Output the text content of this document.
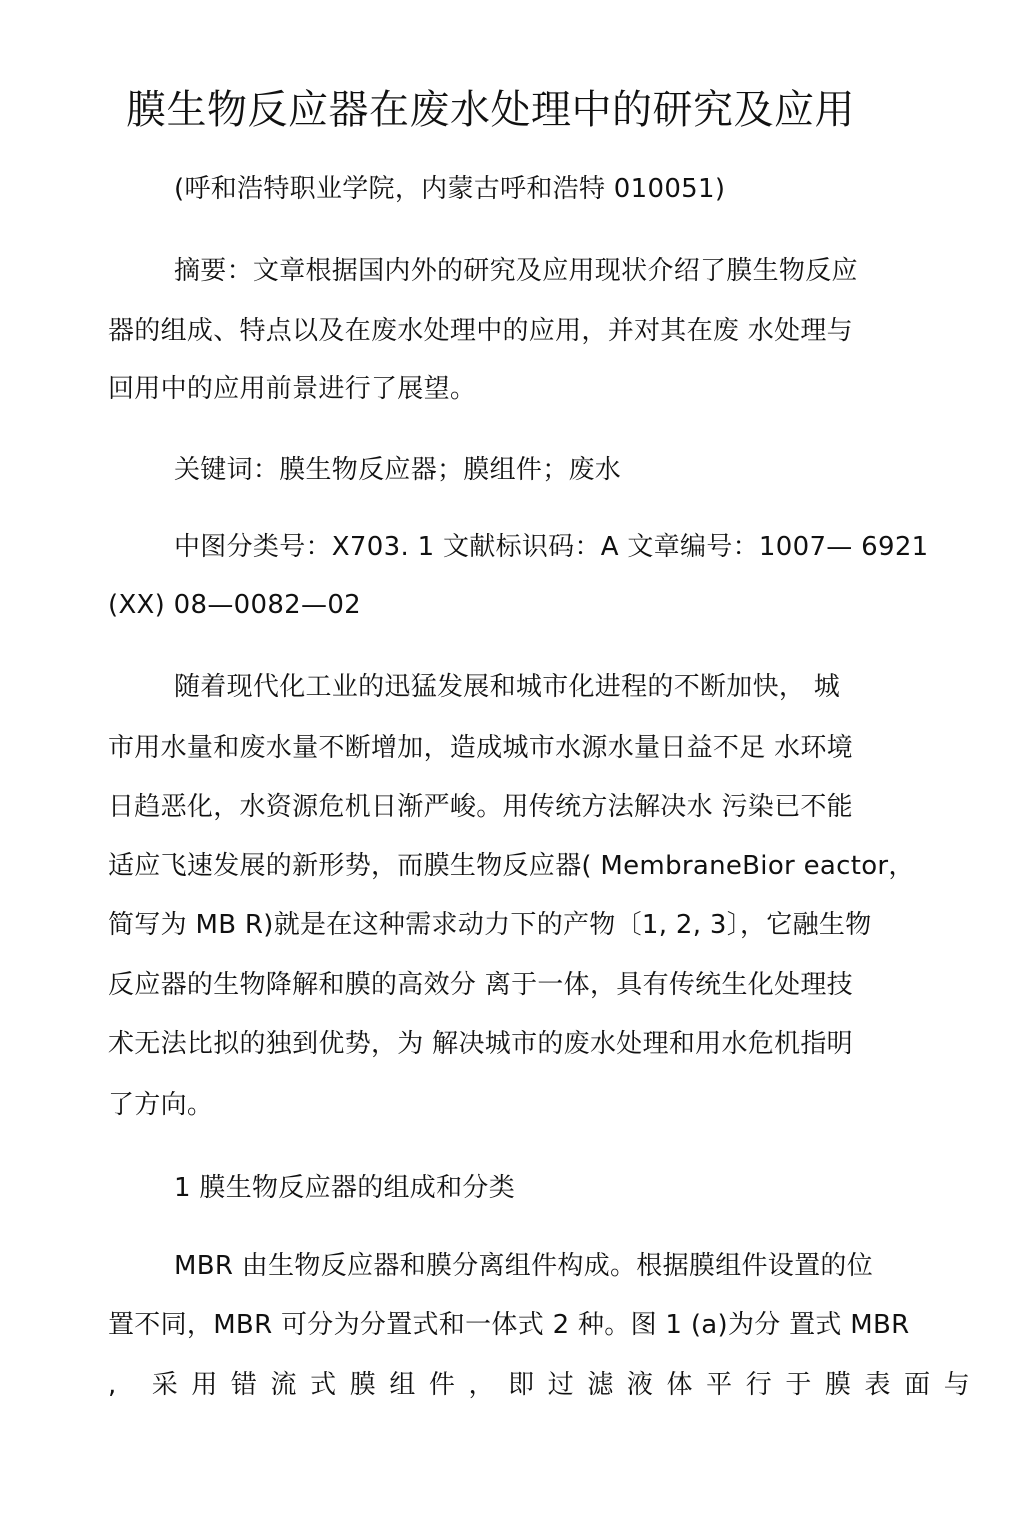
膜生物反应器在废水处理中的研究及应用
(呼和浩特职业学院，内蒙古呼和浩特 010051)
摘要：文章根据国内外的研究及应用现状介绍了膜生物反应
器的组成、特点以及在废水处理中的应用，并对其在废 水处理与
回用中的应用前景进行了展望。
关键词：膜生物反应器；膜组件；废水
中图分类号：X703. 1 文献标识码：A 文章编号：1007— 6921
(XX) 08—0082—02
随着现代化工业的迅猛发展和城市化进程的不断加快， 城
市用水量和废水量不断增加，造成城市水源水量日益不足 水环境
日趋恶化，水资源危机日渐严峻。用传统方法解决水 污染已不能
适应飞速发展的新形势，而膜生物反应器( MembraneBior eactor，
简写为 MB R)就是在这种需求动力下的产物〔1, 2, 3〕，它融生物
反应器的生物降解和膜的高效分 离于一体，具有传统生化处理技
术无法比拟的独到优势，为 解决城市的废水处理和用水危机指明
了方向。
1 膜生物反应器的组成和分类
MBR 由生物反应器和膜分离组件构成。根据膜组件设置的位
置不同，MBR 可分为分置式和一体式 2 种。图 1 (a)为分 置式 MBR
, 采用错流式膜组件，即过滤液体平行于膜表面与
